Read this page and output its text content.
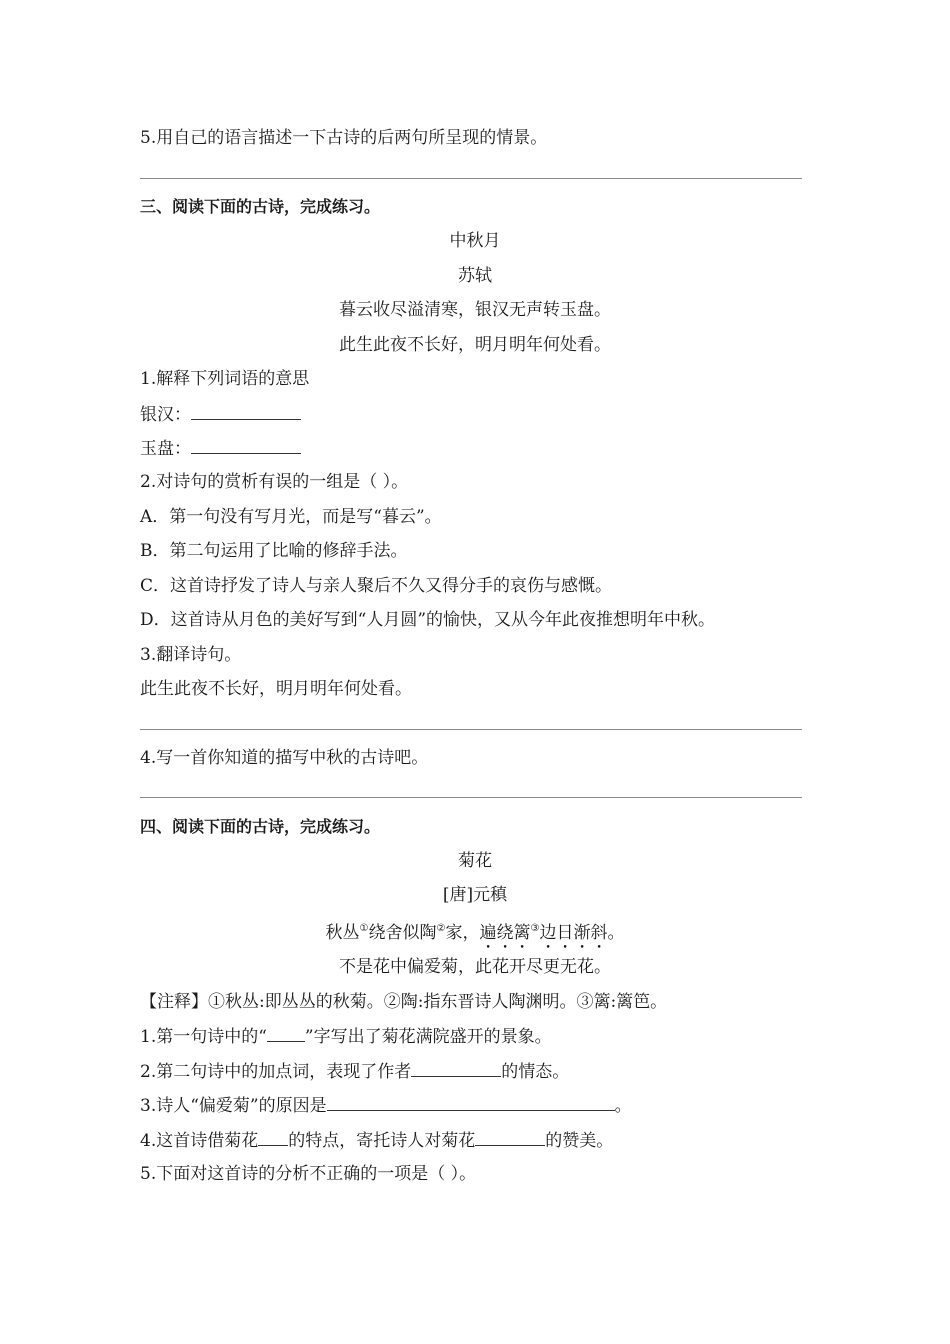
5.用自己的语言描述一下古诗的后两句所呈现的情景。
三、阅读下面的古诗，完成练习。
中秋月
苏轼
暮云收尽溢清寒，银汉无声转玉盘。
此生此夜不长好，明月明年何处看。
1.解释下列词语的意思
银汉：
玉盘：
2.对诗句的赏析有误的一组是（ ）。
A．第一句没有写月光，而是写“暮云”。
B．第二句运用了比喻的修辞手法。
C．这首诗抒发了诗人与亲人聚后不久又得分手的哀伤与感慨。
D．这首诗从月色的美好写到“人月圆”的愉快，又从今年此夜推想明年中秋。
3.翻译诗句。
此生此夜不长好，明月明年何处看。
4.写一首你知道的描写中秋的古诗吧。
四、阅读下面的古诗，完成练习。
菊花
[唐]元稹
秋丛①绕舍似陶②家，遍绕篱③边日渐斜。
不是花中偏爱菊，此花开尽更无花。
【注释】①秋丛:即丛丛的秋菊。②陶:指东晋诗人陶渊明。③篱:篱笆。
1.第一句诗中的“ ”字写出了菊花满院盛开的景象。
2.第二句诗中的加点词，表现了作者	的情态。
3.诗人“偏爱菊”的原因是	。
4.这首诗借菊花 的特点，寄托诗人对菊花	的赞美。
5.下面对这首诗的分析不正确的一项是（ ）。
